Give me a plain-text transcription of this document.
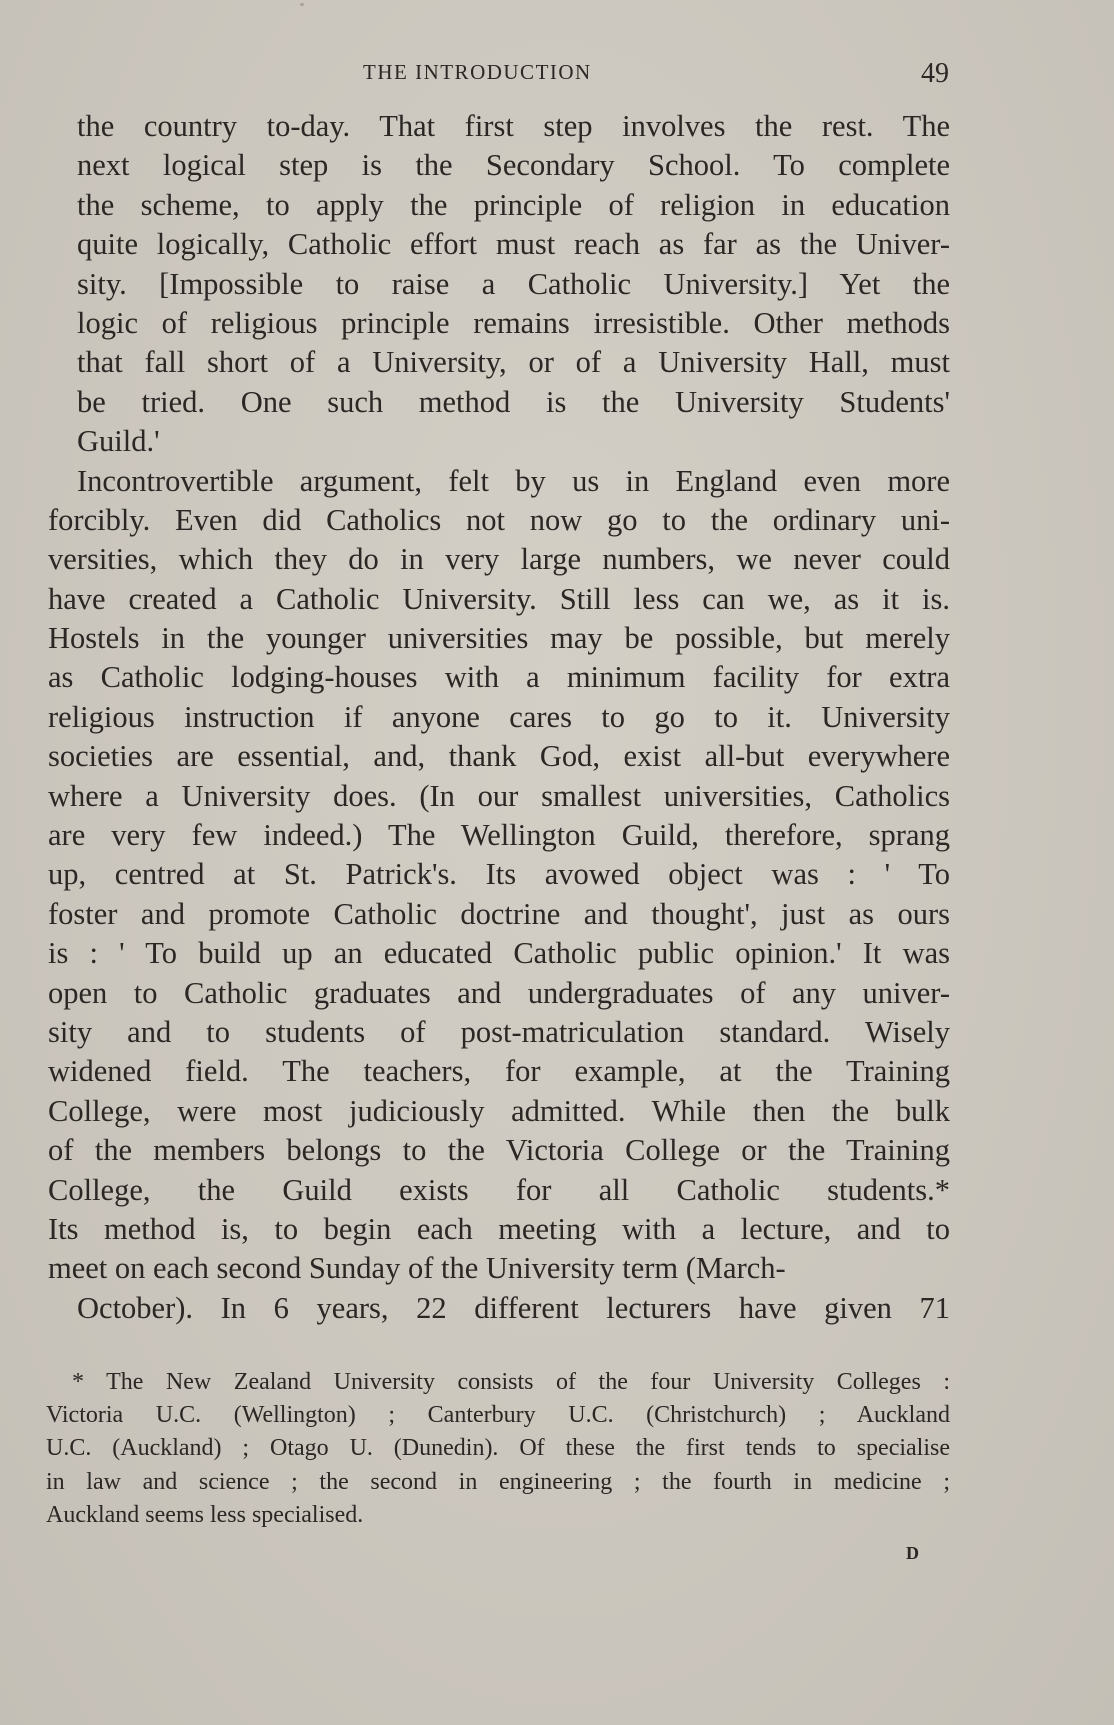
THE INTRODUCTION	49
the country to-day. That first step involves the rest. The
next logical step is the Secondary School. To complete
the scheme, to apply the principle of religion in education
quite logically, Catholic effort must reach as far as the Univer-
sity. [Impossible to raise a Catholic University.] Yet the
logic of religious principle remains irresistible. Other methods
that fall short of a University, or of a University Hall, must
be tried. One such method is the University Students'
Guild.'
Incontrovertible argument, felt by us in England even more
forcibly. Even did Catholics not now go to the ordinary uni-
versities, which they do in very large numbers, we never could
have created a Catholic University. Still less can we, as it is.
Hostels in the younger universities may be possible, but merely
as Catholic lodging-houses with a minimum facility for extra
religious instruction if anyone cares to go to it. University
societies are essential, and, thank God, exist all-but everywhere
where a University does. (In our smallest universities, Catholics
are very few indeed.) The Wellington Guild, therefore, sprang
up, centred at St. Patrick's. Its avowed object was : ' To
foster and promote Catholic doctrine and thought', just as ours
is : ' To build up an educated Catholic public opinion.' It was
open to Catholic graduates and undergraduates of any univer-
sity and to students of post-matriculation standard. Wisely
widened field. The teachers, for example, at the Training
College, were most judiciously admitted. While then the bulk
of the members belongs to the Victoria College or the Training
College, the Guild exists for all Catholic students.*
Its method is, to begin each meeting with a lecture, and to
meet on each second Sunday of the University term (March-
October). In 6 years, 22 different lecturers have given 71
* The New Zealand University consists of the four University Colleges :
Victoria U.C. (Wellington) ; Canterbury U.C. (Christchurch) ; Auckland
U.C. (Auckland) ; Otago U. (Dunedin). Of these the first tends to specialise
in law and science ; the second in engineering ; the fourth in medicine ;
Auckland seems less specialised.
D
